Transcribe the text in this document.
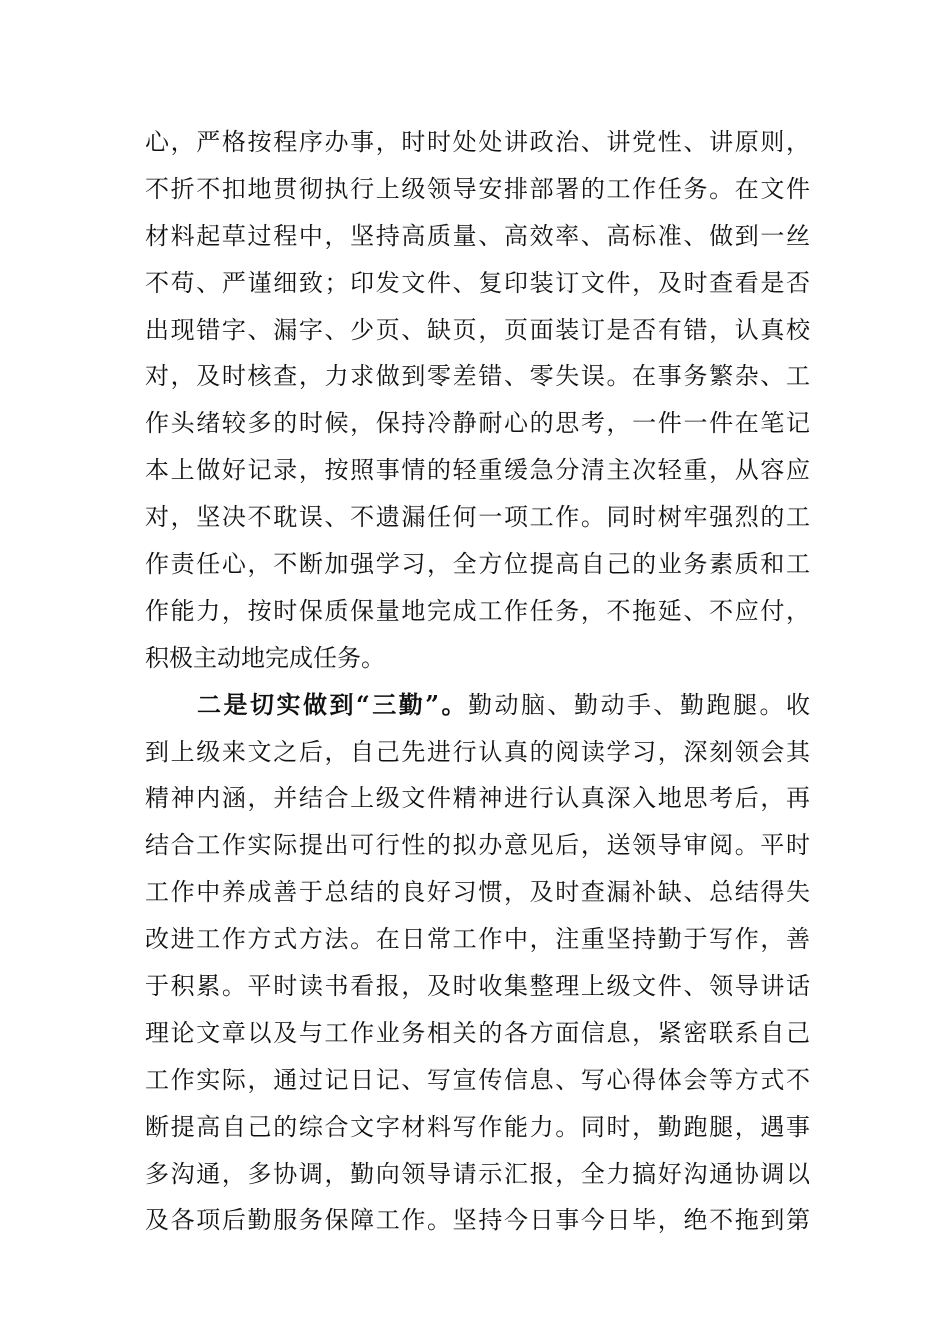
心，严格按程序办事，时时处处讲政治、讲党性、讲原则，
不折不扣地贯彻执行上级领导安排部署的工作任务。在文件
材料起草过程中，坚持高质量、高效率、高标准、做到一丝
不苟、严谨细致；印发文件、复印装订文件，及时查看是否
出现错字、漏字、少页、缺页，页面装订是否有错，认真校
对，及时核查，力求做到零差错、零失误。在事务繁杂、工
作头绪较多的时候，保持冷静耐心的思考，一件一件在笔记
本上做好记录，按照事情的轻重缓急分清主次轻重，从容应
对，坚决不耽误、不遗漏任何一项工作。同时树牢强烈的工
作责任心，不断加强学习，全方位提高自己的业务素质和工
作能力，按时保质保量地完成工作任务，不拖延、不应付，
积极主动地完成任务。
二是切实做到“三勤”。勤动脑、勤动手、勤跑腿。收
到上级来文之后，自己先进行认真的阅读学习，深刻领会其
精神内涵，并结合上级文件精神进行认真深入地思考后，再
结合工作实际提出可行性的拟办意见后，送领导审阅。平时
工作中养成善于总结的良好习惯，及时查漏补缺、总结得失
改进工作方式方法。在日常工作中，注重坚持勤于写作，善
于积累。平时读书看报，及时收集整理上级文件、领导讲话
理论文章以及与工作业务相关的各方面信息，紧密联系自己
工作实际，通过记日记、写宣传信息、写心得体会等方式不
断提高自己的综合文字材料写作能力。同时，勤跑腿，遇事
多沟通，多协调，勤向领导请示汇报，全力搞好沟通协调以
及各项后勤服务保障工作。坚持今日事今日毕，绝不拖到第
